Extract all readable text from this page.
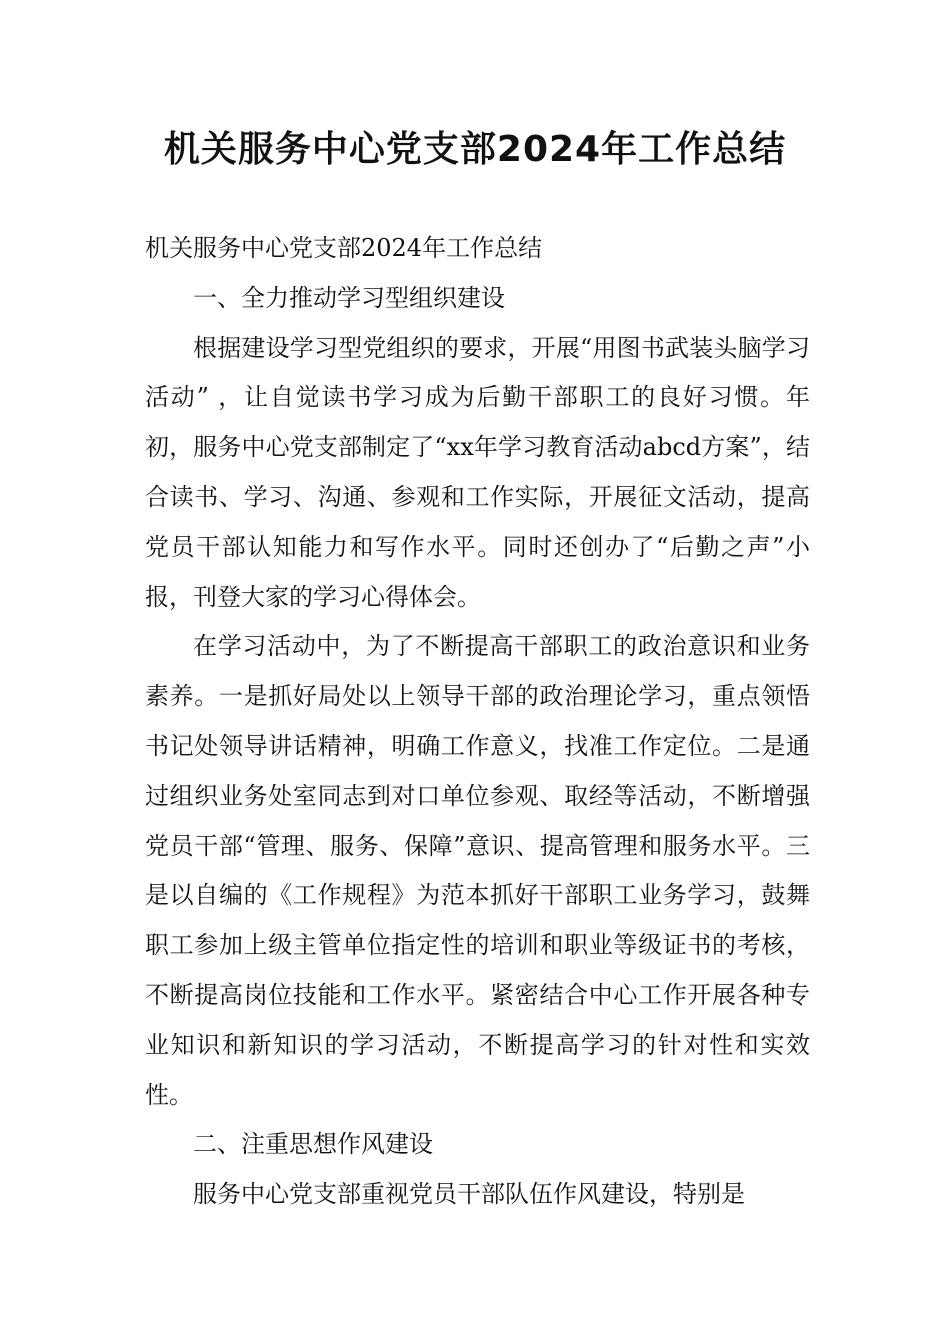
机关服务中心党支部2024年工作总结

机关服务中心党支部2024年工作总结

一、全力推动学习型组织建设

根据建设学习型党组织的要求，开展“用图书武装头脑学习活动” ，让自觉读书学习成为后勤干部职工的良好习惯。年初，服务中心党支部制定了“xx年学习教育活动abcd方案”，结合读书、学习、沟通、参观和工作实际，开展征文活动，提高党员干部认知能力和写作水平。同时还创办了“后勤之声”小报，刊登大家的学习心得体会。

在学习活动中，为了不断提高干部职工的政治意识和业务素养。一是抓好局处以上领导干部的政治理论学习，重点领悟书记处领导讲话精神，明确工作意义，找准工作定位。二是通过组织业务处室同志到对口单位参观、取经等活动，不断增强党员干部“管理、服务、保障”意识、提高管理和服务水平。三是以自编的《工作规程》为范本抓好干部职工业务学习，鼓舞职工参加上级主管单位指定性的培训和职业等级证书的考核，不断提高岗位技能和工作水平。紧密结合中心工作开展各种专业知识和新知识的学习活动，不断提高学习的针对性和实效性。

二、注重思想作风建设

服务中心党支部重视党员干部队伍作风建设，特别是
